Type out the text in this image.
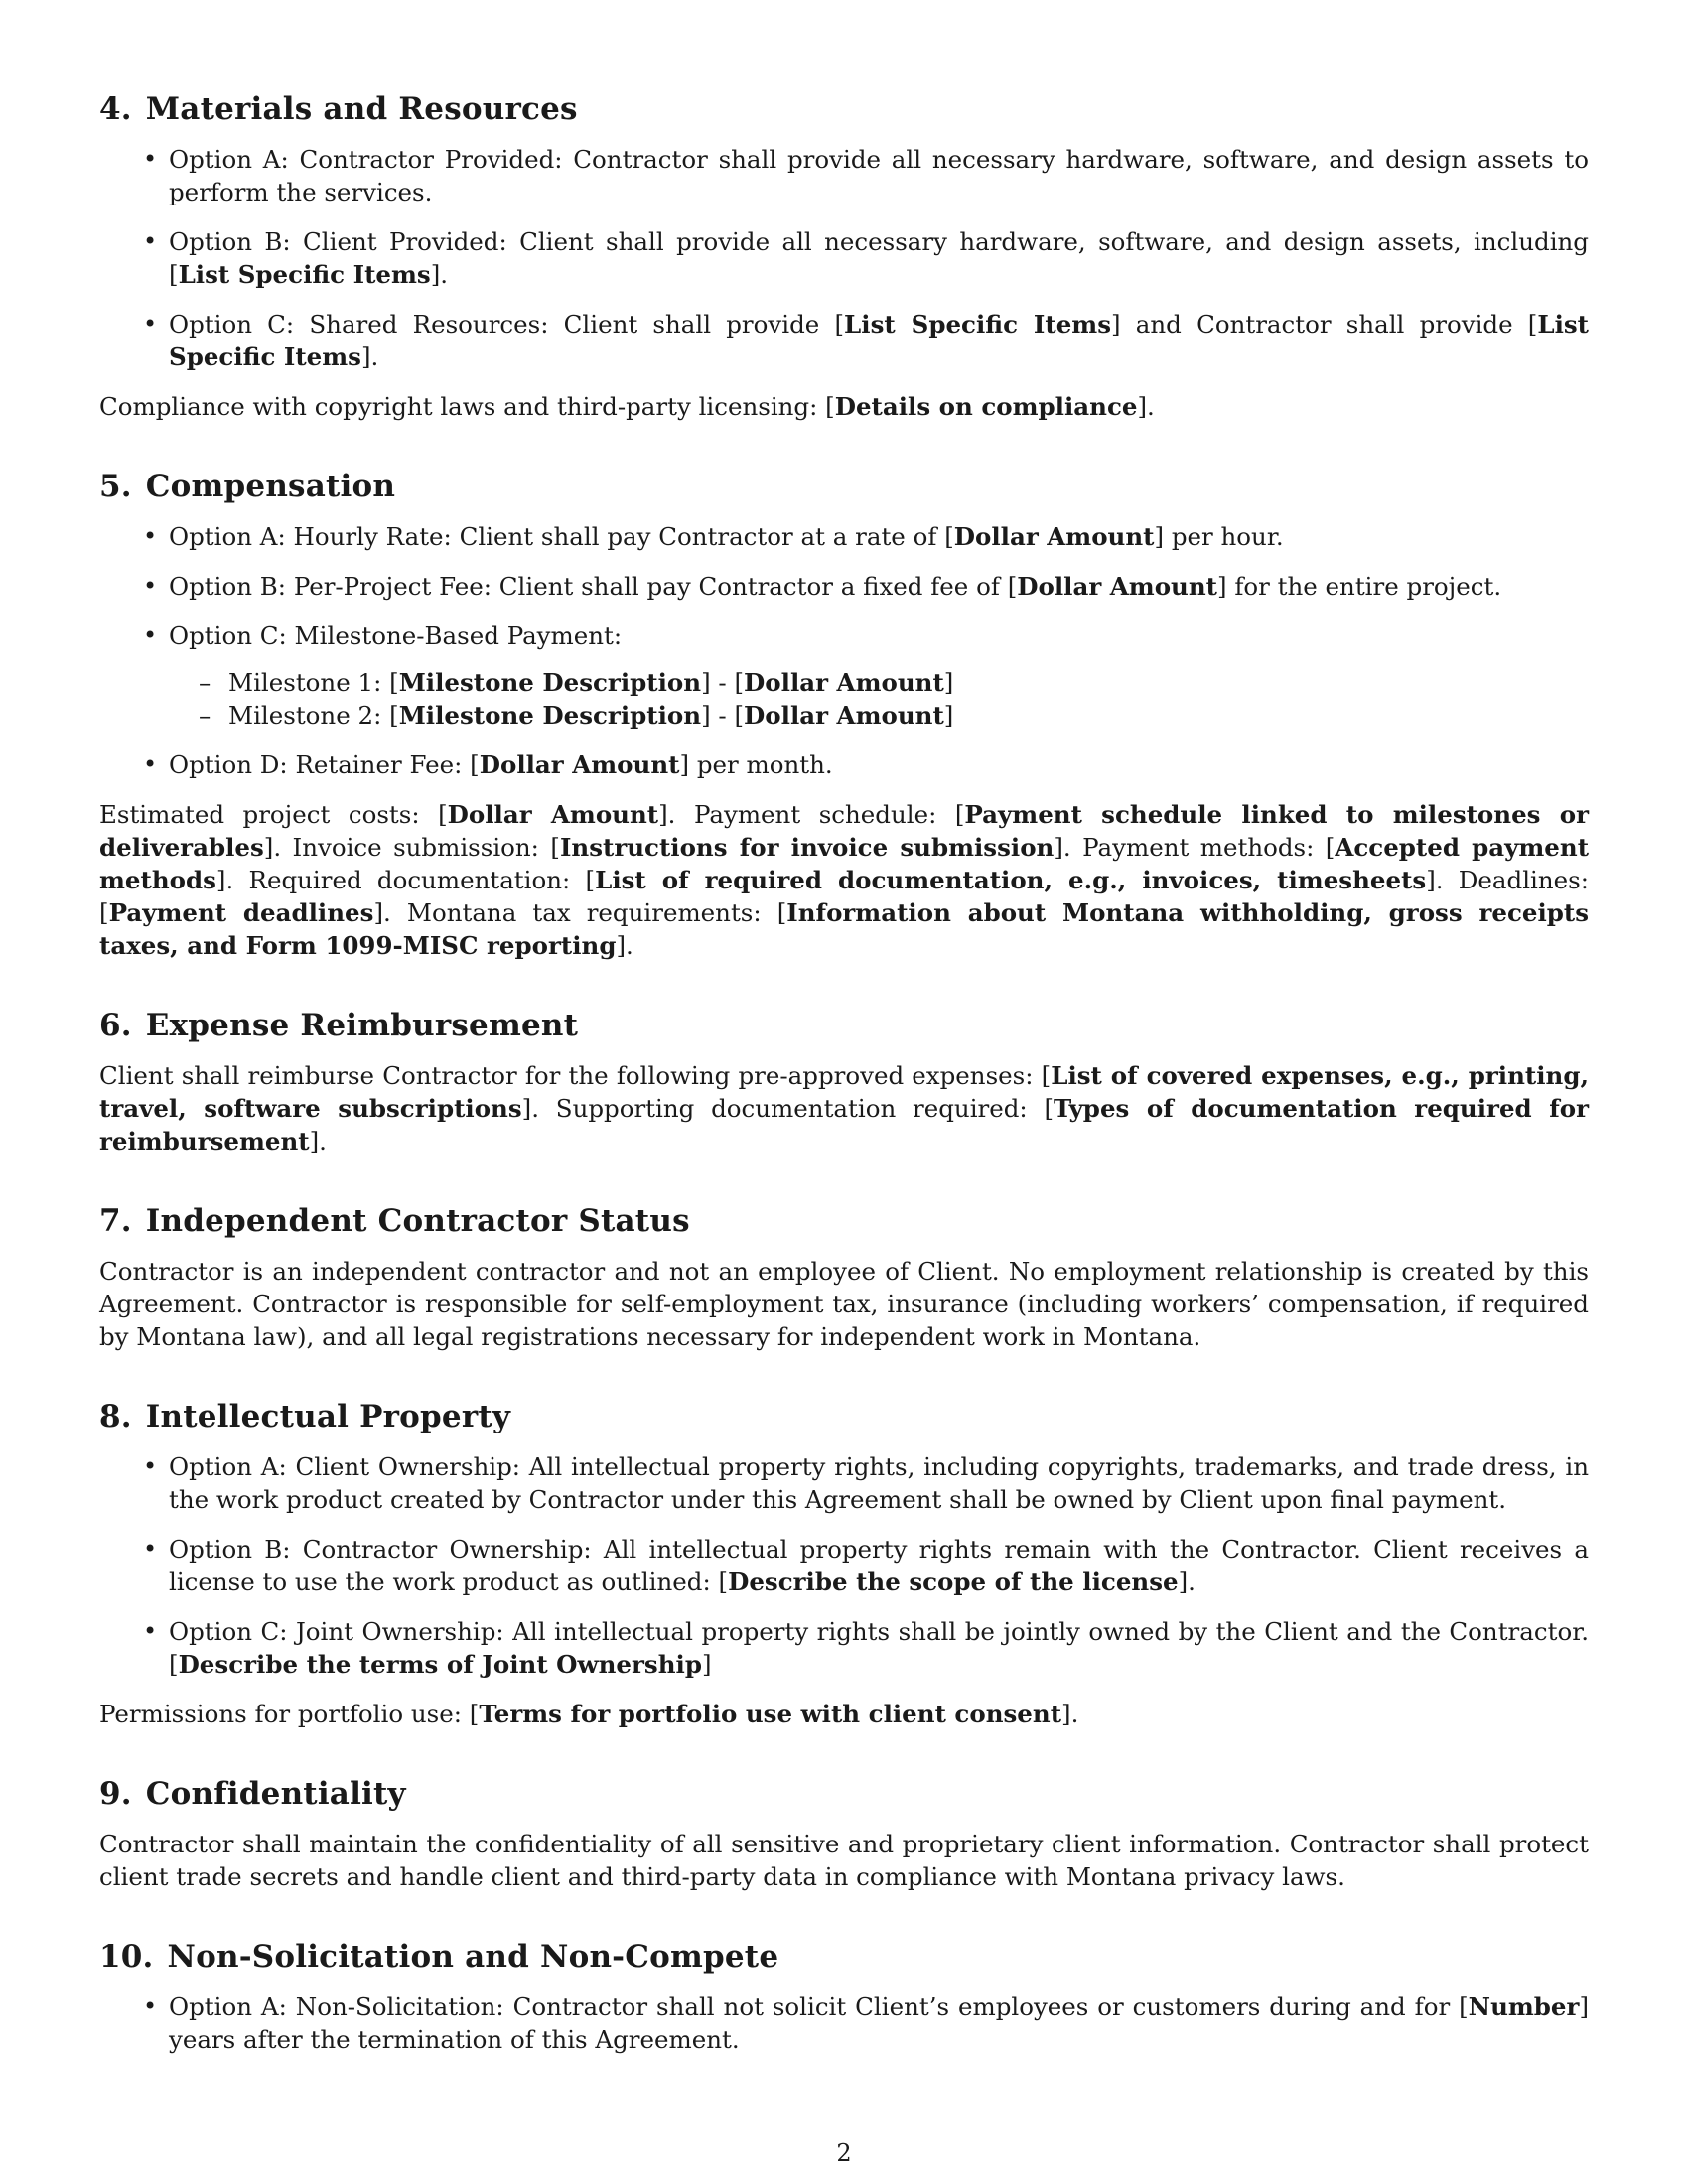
4. Materials and Resources
• Option A: Contractor Provided: Contractor shall provide all necessary hardware, software, and design assets to perform the services.
• Option B: Client Provided: Client shall provide all necessary hardware, software, and design assets, including [List Specific Items].
• Option C: Shared Resources: Client shall provide [List Specific Items] and Contractor shall provide [List Specific Items].

Compliance with copyright laws and third-party licensing: [Details on compliance].

5. Compensation
• Option A: Hourly Rate: Client shall pay Contractor at a rate of [Dollar Amount] per hour.
• Option B: Per-Project Fee: Client shall pay Contractor a fixed fee of [Dollar Amount] for the entire project.
• Option C: Milestone-Based Payment:
– Milestone 1: [Milestone Description] - [Dollar Amount]
– Milestone 2: [Milestone Description] - [Dollar Amount]
• Option D: Retainer Fee: [Dollar Amount] per month.

Estimated project costs: [Dollar Amount]. Payment schedule: [Payment schedule linked to milestones or deliverables]. Invoice submission: [Instructions for invoice submission]. Payment methods: [Accepted payment methods]. Required documentation: [List of required documentation, e.g., invoices, timesheets]. Deadlines: [Payment deadlines]. Montana tax requirements: [Information about Montana withholding, gross receipts taxes, and Form 1099-MISC reporting].

6. Expense Reimbursement

Client shall reimburse Contractor for the following pre-approved expenses: [List of covered expenses, e.g., printing, travel, software subscriptions]. Supporting documentation required: [Types of documentation required for reimbursement].

7. Independent Contractor Status

Contractor is an independent contractor and not an employee of Client. No employment relationship is created by this Agreement. Contractor is responsible for self-employment tax, insurance (including workers’ compensation, if required by Montana law), and all legal registrations necessary for independent work in Montana.

8. Intellectual Property
• Option A: Client Ownership: All intellectual property rights, including copyrights, trademarks, and trade dress, in the work product created by Contractor under this Agreement shall be owned by Client upon final payment.
• Option B: Contractor Ownership: All intellectual property rights remain with the Contractor. Client receives a license to use the work product as outlined: [Describe the scope of the license].
• Option C: Joint Ownership: All intellectual property rights shall be jointly owned by the Client and the Contractor. [Describe the terms of Joint Ownership]

Permissions for portfolio use: [Terms for portfolio use with client consent].

9. Confidentiality

Contractor shall maintain the confidentiality of all sensitive and proprietary client information. Contractor shall protect client trade secrets and handle client and third-party data in compliance with Montana privacy laws.

10. Non-Solicitation and Non-Compete
• Option A: Non-Solicitation: Contractor shall not solicit Client’s employees or customers during and for [Number] years after the termination of this Agreement.
2
